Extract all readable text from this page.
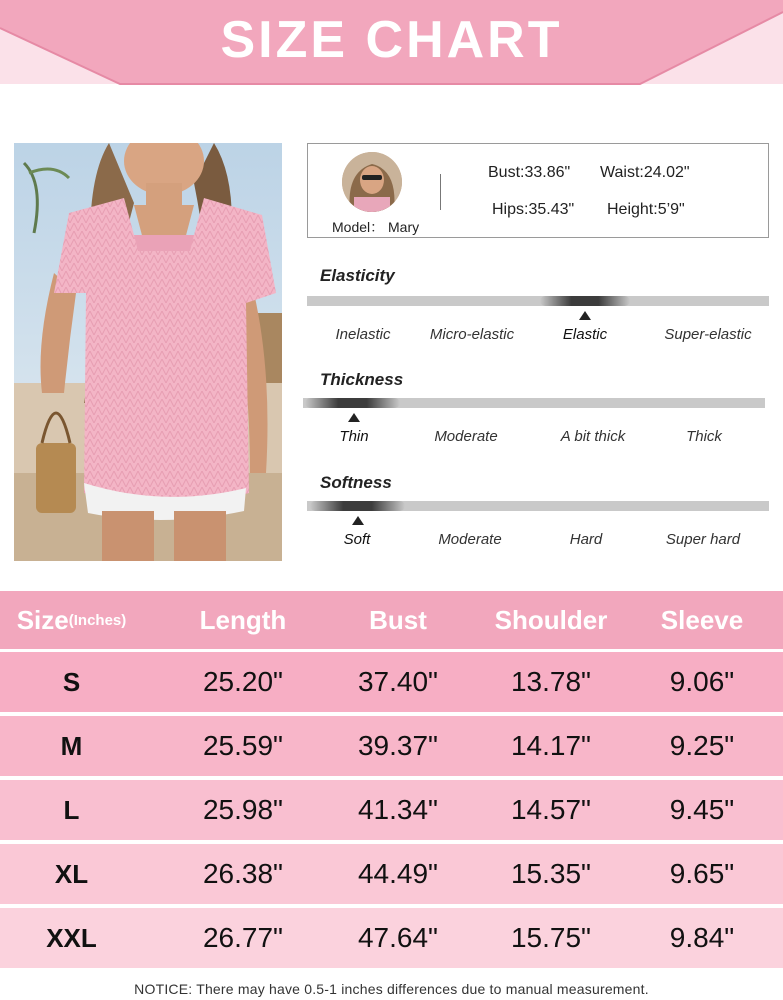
SIZE CHART
Model： Mary
Bust:33.86" Waist:24.02"
Hips:35.43" Height:5’9"
Elasticity
Inelastic	Micro-elastic	Elastic	Super-elastic
Thickness
Thin	Moderate	A bit thick	Thick
Softness
Soft	Moderate	Hard	Super hard
Size (Inches)	Length	Bust	Shoulder	Sleeve
S	25.20"	37.40"	13.78"	9.06"
M	25.59"	39.37"	14.17"	9.25"
L	25.98"	41.34"	14.57"	9.45"
XL	26.38"	44.49"	15.35"	9.65"
XXL	26.77"	47.64"	15.75"	9.84"
NOTICE: There may have 0.5-1 inches differences due to manual measurement.
